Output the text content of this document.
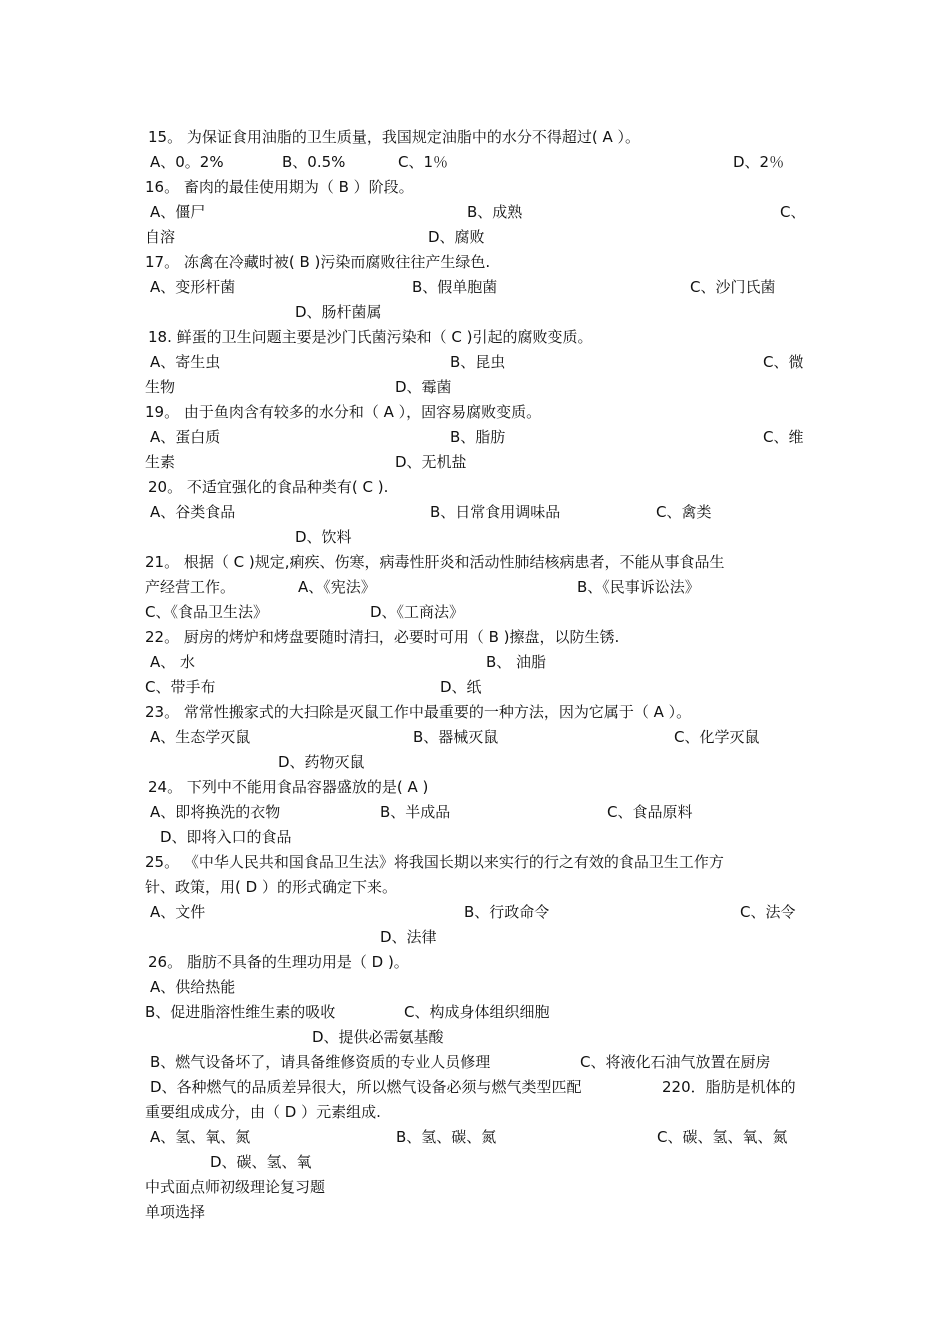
15。 为保证食用油脂的卫生质量，我国规定油脂中的水分不得超过( A ）。
A、0。2%	B、0.5%	C、1％	D、2％
16。 畜肉的最佳使用期为（ B ）阶段。
A、僵尸	B、成熟	C、
自溶	D、腐败
17。 冻禽在冷藏时被( B )污染而腐败往往产生绿色.
A、变形杆菌	B、假单胞菌	C、沙门氏菌
D、肠杆菌属
18. 鲜蛋的卫生问题主要是沙门氏菌污染和（ C )引起的腐败变质。
A、寄生虫	B、昆虫	C、微
生物	D、霉菌
19。 由于鱼肉含有较多的水分和（ A ），固容易腐败变质。
A、蛋白质	B、脂肪	C、维
生素	D、无机盐
20。 不适宜强化的食品种类有( C ).
A、谷类食品	B、日常食用调味品	C、禽类
D、饮料
21。 根据（ C )规定,痢疾、伤寒，病毒性肝炎和活动性肺结核病患者，不能从事食品生
产经营工作。	A、《宪法》	B、《民事诉讼法》
C、《食品卫生法》	D、《工商法》
22。 厨房的烤炉和烤盘要随时清扫，必要时可用（ B )擦盘，以防生锈.
A、 水	B、 油脂
C、带手布	D、纸
23。 常常性搬家式的大扫除是灭鼠工作中最重要的一种方法，因为它属于（ A ）。
A、生态学灭鼠	B、器械灭鼠	C、化学灭鼠
D、药物灭鼠
24。 下列中不能用食品容器盛放的是( A )
A、即将换洗的衣物	B、半成品	C、食品原料
D、即将入口的食品
25。 《中华人民共和国食品卫生法》将我国长期以来实行的行之有效的食品卫生工作方
针、政策，用( D ）的形式确定下来。
A、文件	B、行政命令	C、法令
D、法律
26。 脂肪不具备的生理功用是（ D )。
A、供给热能
B、促进脂溶性维生素的吸收	C、构成身体组织细胞
D、提供必需氨基酸
B、燃气设备坏了，请具备维修资质的专业人员修理	C、将液化石油气放置在厨房
D、各种燃气的品质差异很大，所以燃气设备必须与燃气类型匹配	220．脂肪是机体的
重要组成成分，由（ D ）元素组成.
A、氢、氧、氮	B、氢、碳、氮	C、碳、氢、氧、氮
D、碳、氢、氧
中式面点师初级理论复习题
单项选择
